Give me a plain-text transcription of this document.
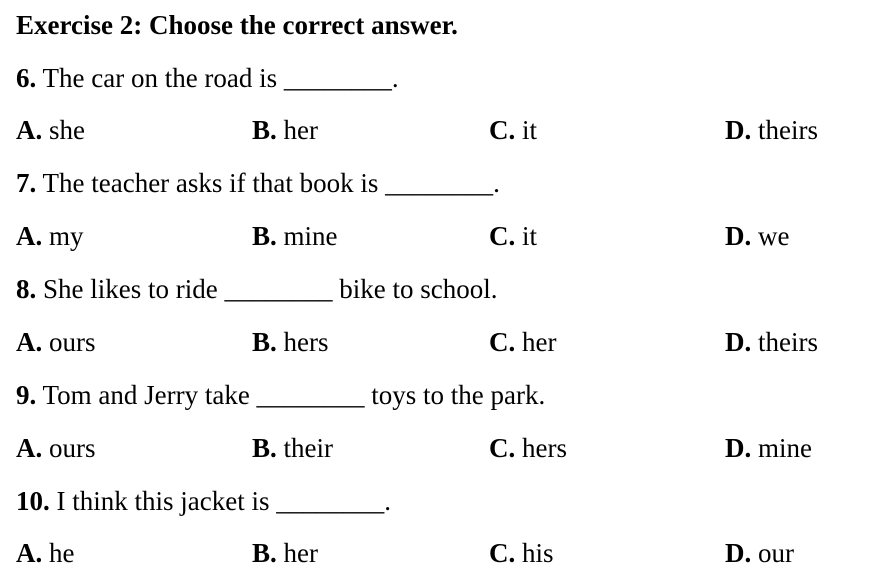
Exercise 2: Choose the correct answer.
6. The car on the road is ________.
A. she	B. her	C. it	D. theirs
7. The teacher asks if that book is ________.
A. my	B. mine	C. it	D. we
8. She likes to ride ________ bike to school.
A. ours	B. hers	C. her	D. theirs
9. Tom and Jerry take ________ toys to the park.
A. ours	B. their	C. hers	D. mine
10. I think this jacket is ________.
A. he	B. her	C. his	D. our
